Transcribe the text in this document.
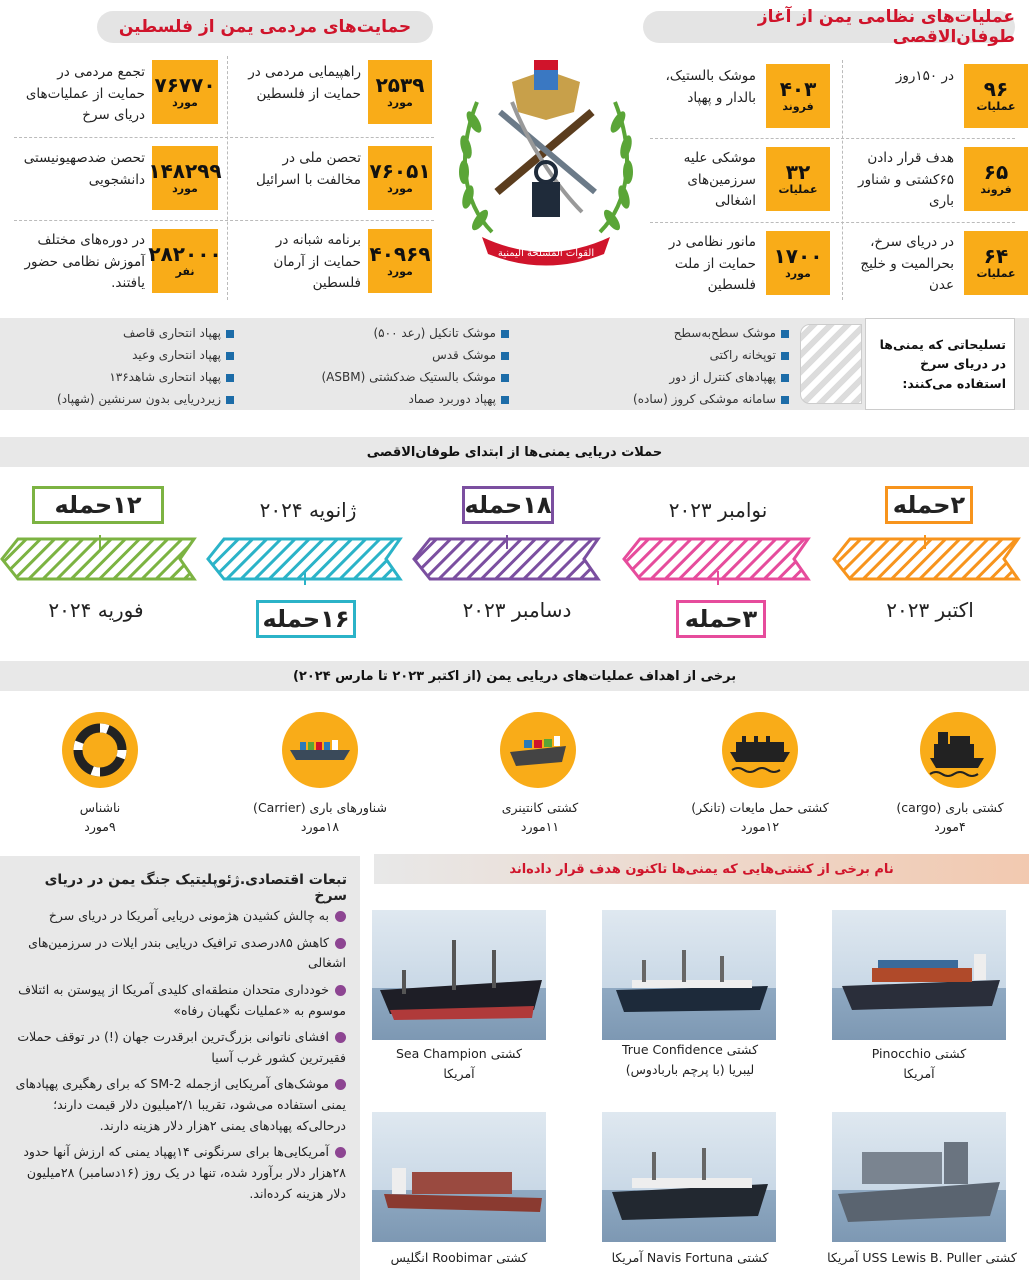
عملیات‌های نظامی یمن از آغاز طوفان‌الاقصی
حمایت‌های مردمی یمن از فلسطین
۹۶
عملیات
در ۱۵۰روز
۶۵
فروند
هدف قرار دادن ۶۵کشتی و شناور باری
۶۴
عملیات
در دریای سرخ، بحرالمیت و خلیج عدن
۴۰۳
فروند
موشک بالستیک، بالدار و پهپاد
۳۲
عملیات
موشکی علیه سرزمین‌های اشغالی
۱۷۰۰
مورد
مانور نظامی در حمایت از ملت فلسطین
القوات المسلحة اليمنية
۲۵۳۹
مورد
راهپیمایی مردمی در حمایت از فلسطین
۷۶۰۵۱
مورد
تحصن ملی در مخالفت با اسرائیل
۴۰۹۶۹
مورد
برنامه شبانه در حمایت از آرمان فلسطین
۷۶۷۷۰
مورد
تجمع مردمی در حمایت از عملیات‌های دریای سرخ
۱۴۸۲۹۹
مورد
تحصن ضدصهیونیستی دانشجویی
۲۸۲۰۰۰
نفر
در دوره‌های مختلف آموزش نظامی حضور یافتند.
تسلیحاتی که یمنی‌ها در دریای سرخ استفاده می‌کنند:
موشک سطح‌به‌سطح
توپخانه راکتی
پهپادهای کنترل از دور
سامانه موشکی کروز (ساده)
موشک تانکیل (رعد ۵۰۰)
موشک قدس
موشک بالستیک ضدکشتی (ASBM)
پهپاد دوربرد صماد
پهپاد انتحاری قاصف
پهپاد انتحاری وعید
پهپاد انتحاری شاهد۱۳۶
زیردریایی بدون سرنشین (شهپاد)
حملات دریایی یمنی‌ها از ابتدای طوفان‌الاقصی
۲حمله
اکتبر ۲۰۲۳
نوامبر ۲۰۲۳
۳حمله
۱۸حمله
دسامبر ۲۰۲۳
ژانویه ۲۰۲۴
۱۶حمله
۱۲حمله
فوریه ۲۰۲۴
برخی از اهداف عملیات‌های دریایی یمن (از اکتبر ۲۰۲۳ تا مارس ۲۰۲۴)
کشتی باری (cargo)
۴مورد
کشتی حمل مایعات (تانکر)
۱۲مورد
کشتی کانتینری
۱۱مورد
شناورهای باری (Carrier)
۱۸مورد
ناشناس
۹مورد
تبعات اقتصادی.ژئوپلیتیک جنگ یمن در دریای سرخ
به چالش کشیدن هژمونی دریایی آمریکا در دریای سرخ
کاهش ۸۵درصدی ترافیک دریایی بندر ایلات در سرزمین‌های اشغالی
خودداری متحدان منطقه‌ای کلیدی آمریکا از پیوستن به ائتلاف موسوم به «عملیات نگهبان رفاه»
افشای ناتوانی بزرگ‌ترین ابرقدرت جهان (!) در توقف حملات فقیرترین کشور غرب آسیا
موشک‌های آمریکایی ازجمله SM-2 که برای رهگیری پهپادهای یمنی استفاده می‌شود، تقریبا ۲/۱میلیون دلار قیمت دارند؛ درحالی‌که پهپادهای یمنی ۲هزار دلار هزینه دارند.
آمریکایی‌ها برای سرنگونی ۱۴پهپاد یمنی که ارزش آنها حدود ۲۸هزار دلار برآورد شده، تنها در یک روز (۱۶دسامبر) ۲۸میلیون دلار هزینه کرده‌اند.
نام برخی از کشتی‌هایی که یمنی‌ها تاکنون هدف قرار داده‌اند
کشتی Pinocchio
آمریکا
کشتی True Confidence
لیبریا (با پرچم باربادوس)
کشتی Sea Champion
آمریکا
کشتی USS Lewis B. Puller آمریکا
کشتی Navis Fortuna آمریکا
کشتی Roobimar انگلیس
